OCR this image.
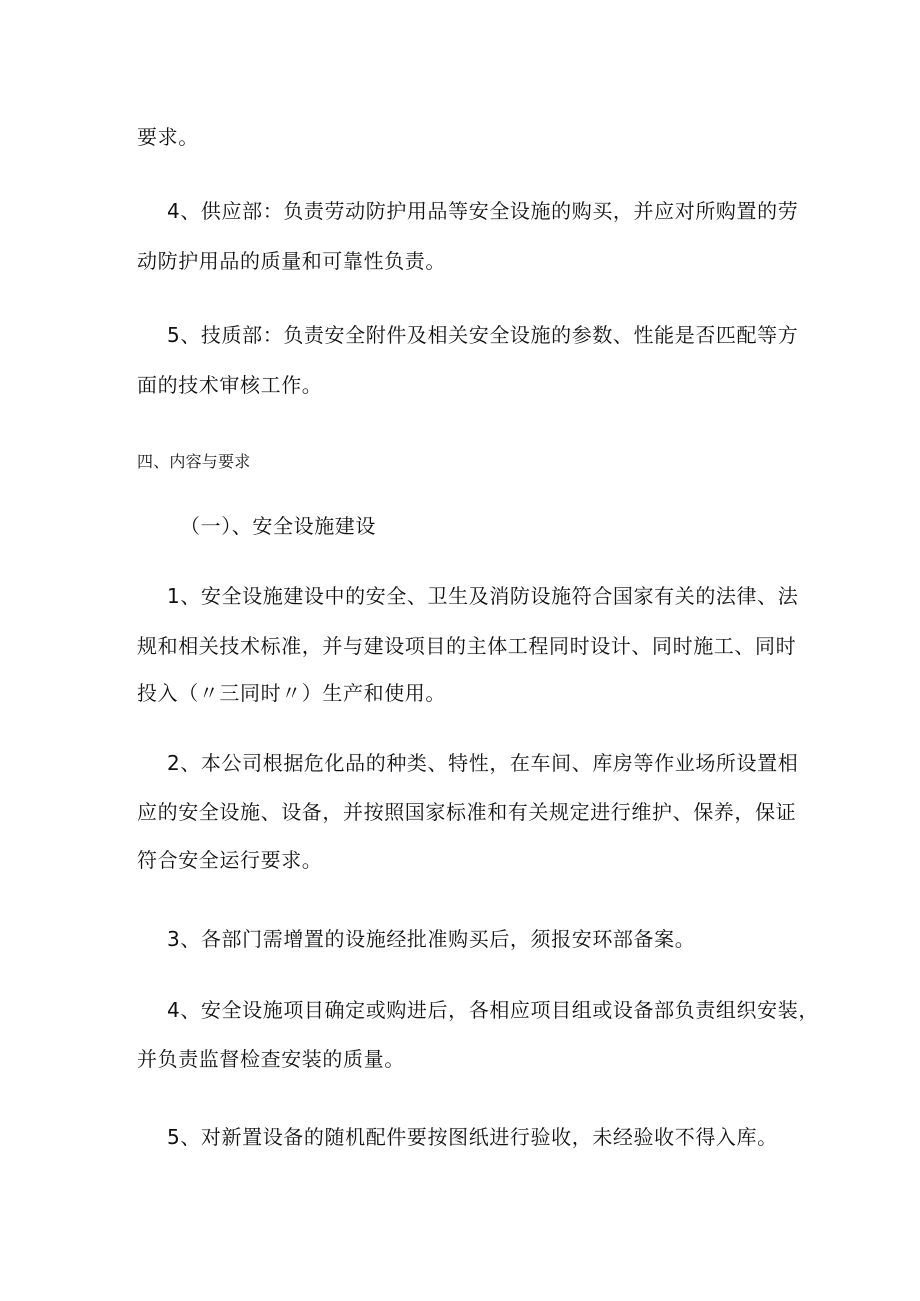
要求。
4、供应部：负责劳动防护用品等安全设施的购买，并应对所购置的劳
动防护用品的质量和可靠性负责。
5、技质部：负责安全附件及相关安全设施的参数、性能是否匹配等方
面的技术审核工作。
四、内容与要求
（一）、安全设施建设
1、安全设施建设中的安全、卫生及消防设施符合国家有关的法律、法
规和相关技术标准，并与建设项目的主体工程同时设计、同时施工、同时
投入（〃三同时〃）生产和使用。
2、本公司根据危化品的种类、特性，在车间、库房等作业场所设置相
应的安全设施、设备，并按照国家标准和有关规定进行维护、保养，保证
符合安全运行要求。
3、各部门需增置的设施经批准购买后，须报安环部备案。
4、安全设施项目确定或购进后，各相应项目组或设备部负责组织安装，
并负责监督检查安装的质量。
5、对新置设备的随机配件要按图纸进行验收，未经验收不得入库。
